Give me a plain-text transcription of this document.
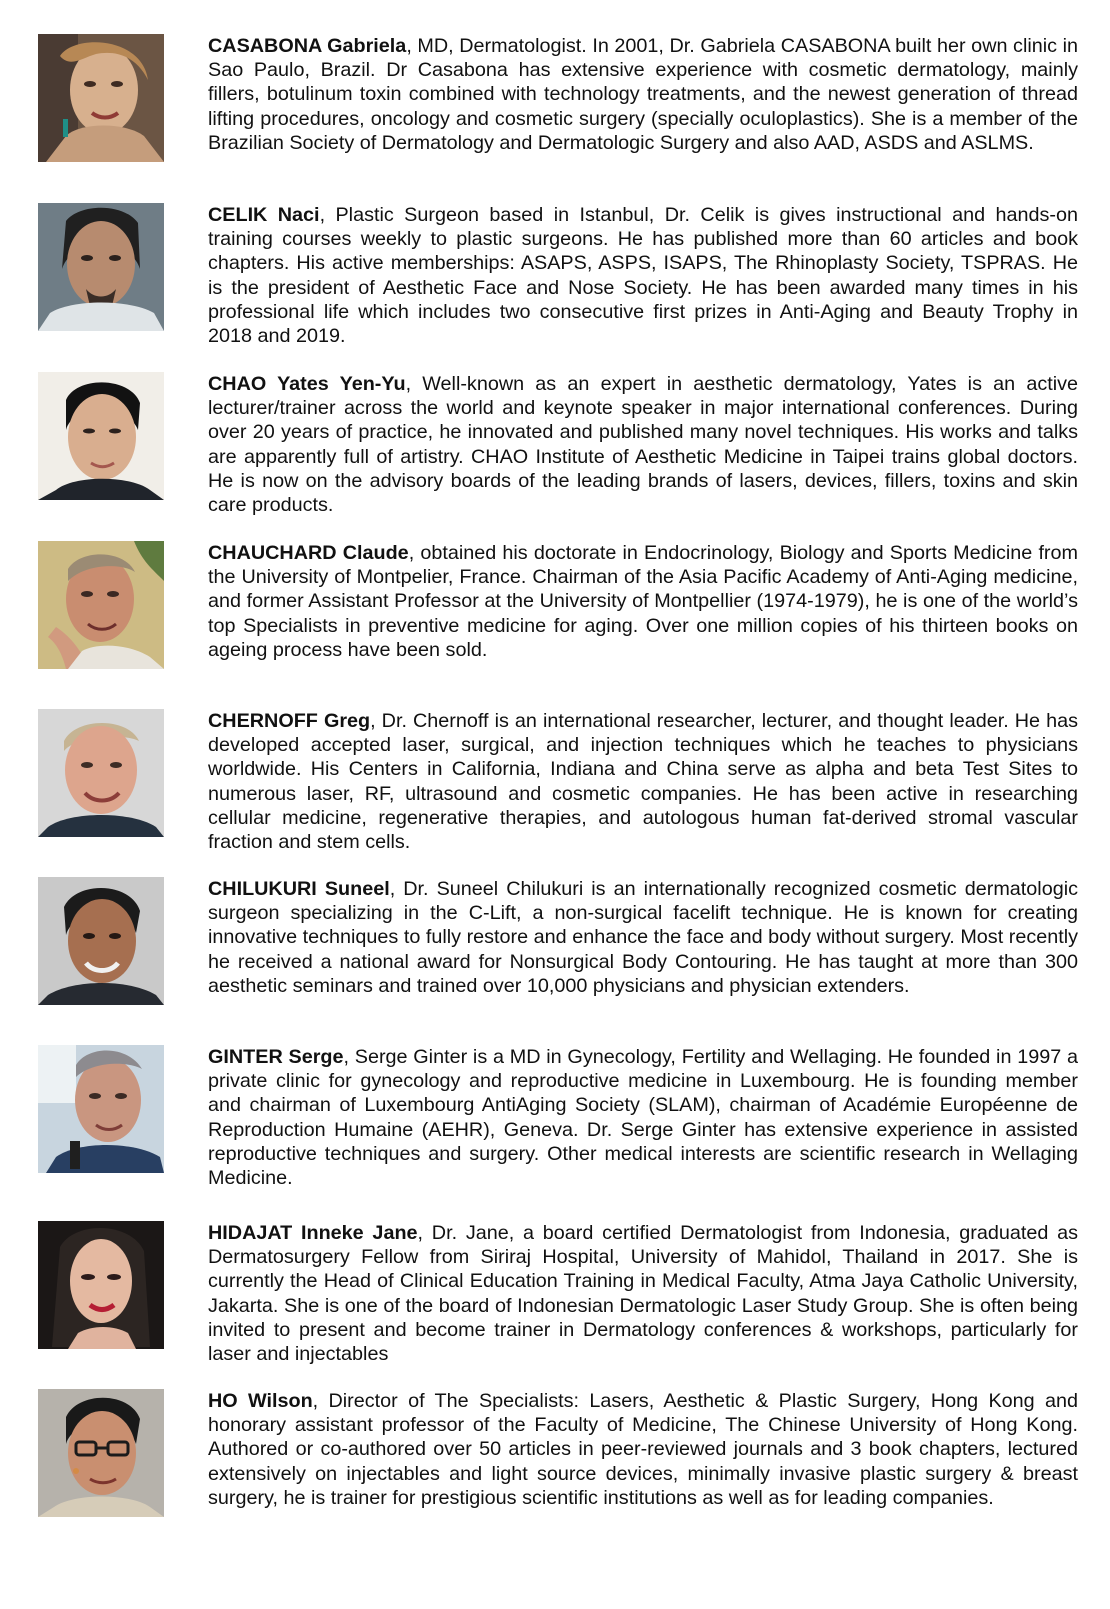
CASABONA Gabriela, MD, Dermatologist. In 2001, Dr. Gabriela CASABONA built her own clinic in Sao Paulo, Brazil. Dr Casabona has extensive experience with cosmetic dermatology, mainly fillers, botulinum toxin combined with technology treatments, and the newest generation of thread lifting procedures, oncology and cosmetic surgery (specially oculoplastics). She is a member of the Brazilian Society of Dermatology and Dermatologic Surgery and also AAD, ASDS and ASLMS.

CELIK Naci, Plastic Surgeon based in Istanbul, Dr. Celik is gives instructional and hands-on training courses weekly to plastic surgeons. He has published more than 60 articles and book chapters. His active memberships: ASAPS, ASPS, ISAPS, The Rhinoplasty Society, TSPRAS. He is the president of Aesthetic Face and Nose Society. He has been awarded many times in his professional life which includes two consecutive first prizes in Anti-Aging and Beauty Trophy in 2018 and 2019.

CHAO Yates Yen-Yu, Well-known as an expert in aesthetic dermatology, Yates is an active lecturer/trainer across the world and keynote speaker in major international conferences. During over 20 years of practice, he innovated and published many novel techniques. His works and talks are apparently full of artistry. CHAO Institute of Aesthetic Medicine in Taipei trains global doctors. He is now on the advisory boards of the leading brands of lasers, devices, fillers, toxins and skin care products.

CHAUCHARD Claude, obtained his doctorate in Endocrinology, Biology and Sports Medicine from the University of Montpelier, France. Chairman of the Asia Pacific Academy of Anti-Aging medicine, and former Assistant Professor at the University of Montpellier (1974-1979), he is one of the world’s top Specialists in preventive medicine for aging. Over one million copies of his thirteen books on ageing process have been sold.

CHERNOFF Greg, Dr. Chernoff is an international researcher, lecturer, and thought leader. He has developed accepted laser, surgical, and injection techniques which he teaches to physicians worldwide. His Centers in California, Indiana and China serve as alpha and beta Test Sites to numerous laser, RF, ultrasound and cosmetic companies. He has been active in researching cellular medicine, regenerative therapies, and autologous human fat-derived stromal vascular fraction and stem cells.

CHILUKURI Suneel, Dr. Suneel Chilukuri is an internationally recognized cosmetic dermatologic surgeon specializing in the C-Lift, a non-surgical facelift technique. He is known for creating innovative techniques to fully restore and enhance the face and body without surgery. Most recently he received a national award for Nonsurgical Body Contouring. He has taught at more than 300 aesthetic seminars and trained over 10,000 physicians and physician extenders.

GINTER Serge, Serge Ginter is a MD in Gynecology, Fertility and Wellaging. He founded in 1997 a private clinic for gynecology and reproductive medicine in Luxembourg. He is founding member and chairman of Luxembourg AntiAging Society (SLAM), chairman of Académie Européenne de Reproduction Humaine (AEHR), Geneva. Dr. Serge Ginter has extensive experience in assisted reproductive techniques and surgery. Other medical interests are scientific research in Wellaging Medicine.

HIDAJAT Inneke Jane, Dr. Jane, a board certified Dermatologist from Indonesia, graduated as Dermatosurgery Fellow from Siriraj Hospital, University of Mahidol, Thailand in 2017. She is currently the Head of Clinical Education Training in Medical Faculty, Atma Jaya Catholic University, Jakarta. She is one of the board of Indonesian Dermatologic Laser Study Group. She is often being invited to present and become trainer in Dermatology conferences & workshops, particularly for laser and injectables

HO Wilson, Director of The Specialists: Lasers, Aesthetic & Plastic Surgery, Hong Kong and honorary assistant professor of the Faculty of Medicine, The Chinese University of Hong Kong. Authored or co-authored over 50 articles in peer-reviewed journals and 3 book chapters, lectured extensively on injectables and light source devices, minimally invasive plastic surgery & breast surgery, he is trainer for prestigious scientific institutions as well as for leading companies.
